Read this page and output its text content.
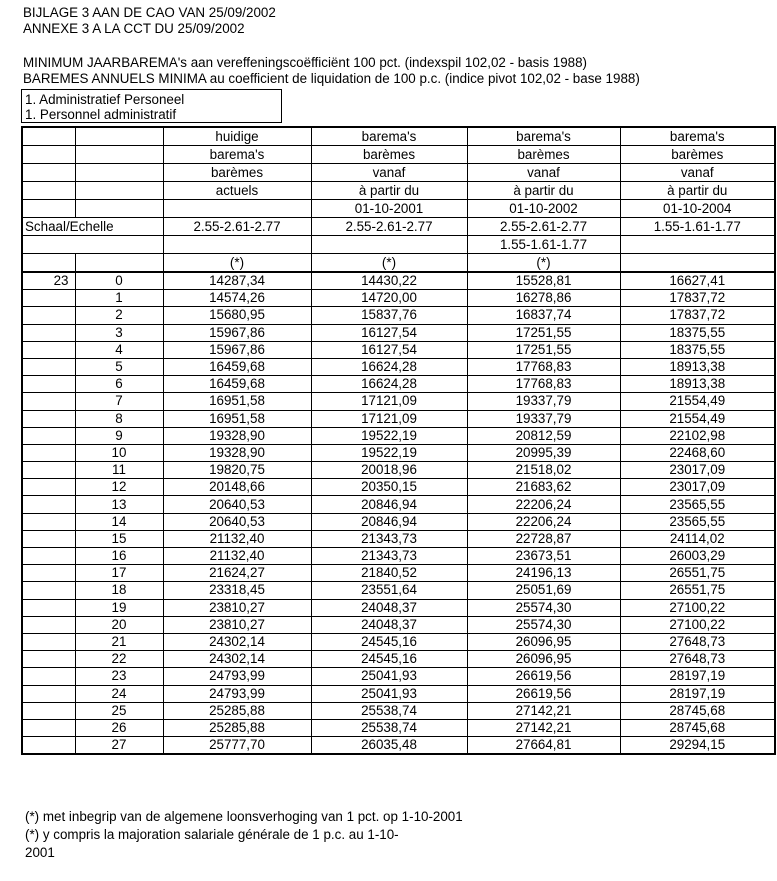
BIJLAGE 3 AAN DE CAO VAN 25/09/2002
ANNEXE 3 A LA CCT DU 25/09/2002
MINIMUM JAARBAREMA's aan vereffeningscoëfficiënt 100 pct. (indexspil 102,02 - basis 1988)
BAREMES ANNUELS MINIMA au coefficient de liquidation de 100 p.c. (indice pivot 102,02 - base 1988)
1. Administratief Personeel
1. Personnel administratif
		huidige	barema's	barema's	barema's
		barema's	barèmes	barèmes	barèmes
		barèmes	vanaf	vanaf	vanaf
		actuels	à partir du	à partir du	à partir du
			01-10-2001	01-10-2002	01-10-2004
Schaal/Echelle		2.55-2.61-2.77	2.55-2.61-2.77	2.55-2.61-2.77	1.55-1.61-1.77
				1.55-1.61-1.77	
		(*)	(*)	(*)	
23	0	14287,34	14430,22	15528,81	16627,41
	1	14574,26	14720,00	16278,86	17837,72
	2	15680,95	15837,76	16837,74	17837,72
	3	15967,86	16127,54	17251,55	18375,55
	4	15967,86	16127,54	17251,55	18375,55
	5	16459,68	16624,28	17768,83	18913,38
	6	16459,68	16624,28	17768,83	18913,38
	7	16951,58	17121,09	19337,79	21554,49
	8	16951,58	17121,09	19337,79	21554,49
	9	19328,90	19522,19	20812,59	22102,98
	10	19328,90	19522,19	20995,39	22468,60
	11	19820,75	20018,96	21518,02	23017,09
	12	20148,66	20350,15	21683,62	23017,09
	13	20640,53	20846,94	22206,24	23565,55
	14	20640,53	20846,94	22206,24	23565,55
	15	21132,40	21343,73	22728,87	24114,02
	16	21132,40	21343,73	23673,51	26003,29
	17	21624,27	21840,52	24196,13	26551,75
	18	23318,45	23551,64	25051,69	26551,75
	19	23810,27	24048,37	25574,30	27100,22
	20	23810,27	24048,37	25574,30	27100,22
	21	24302,14	24545,16	26096,95	27648,73
	22	24302,14	24545,16	26096,95	27648,73
	23	24793,99	25041,93	26619,56	28197,19
	24	24793,99	25041,93	26619,56	28197,19
	25	25285,88	25538,74	27142,21	28745,68
	26	25285,88	25538,74	27142,21	28745,68
	27	25777,70	26035,48	27664,81	29294,15
(*) met inbegrip van de algemene loonsverhoging van 1 pct. op 1-10-2001
(*) y compris la majoration salariale générale de 1 p.c. au 1-10-
2001
